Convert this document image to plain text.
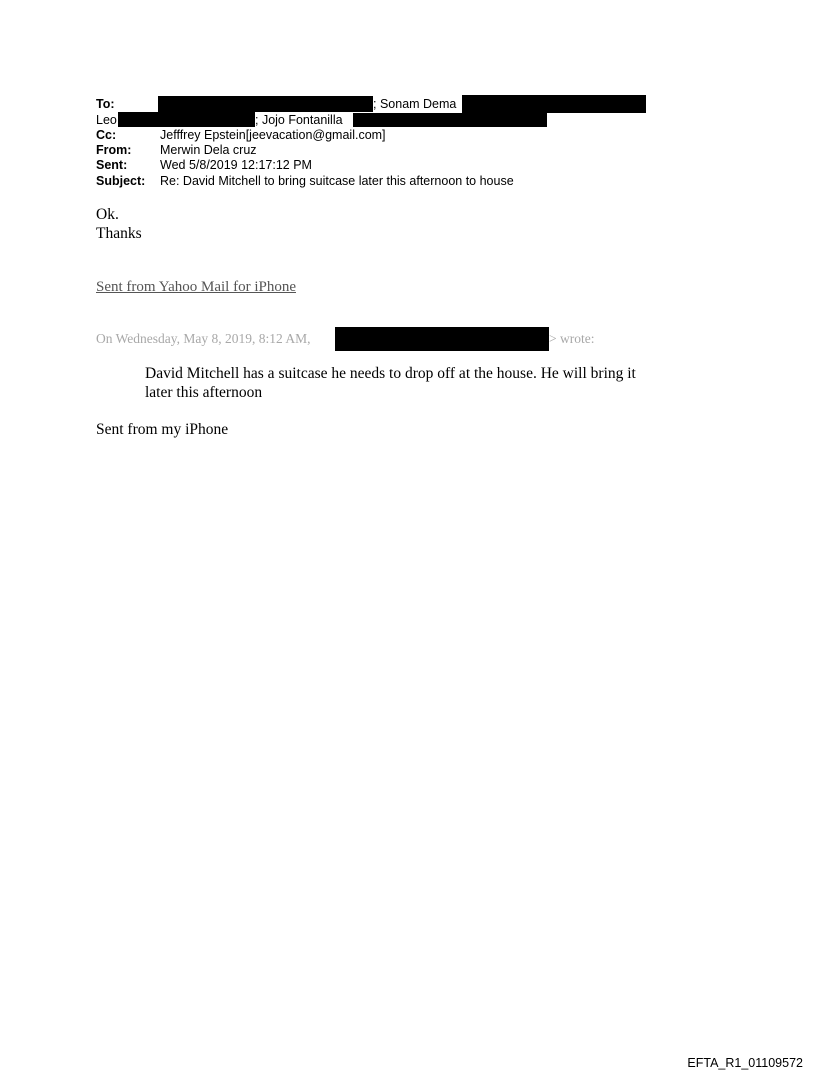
To:	; Sonam Dema
Leo	; Jojo Fontanilla
Cc:	Jefffrey Epstein[jeevacation@gmail.com]
From: Merwin Dela cruz
Sent:	Wed 5/8/2019 12:17:12 PM
Subject: Re: David Mitchell to bring suitcase later this afternoon to house
Ok.
Thanks
Sent from Yahoo Mail for iPhone
On Wednesday, May 8, 2019, 8:12 AM,	> wrote:
David Mitchell has a suitcase he needs to drop off at the house. He will bring it
later this afternoon
Sent from my iPhone
EFTA_R1_01109572
